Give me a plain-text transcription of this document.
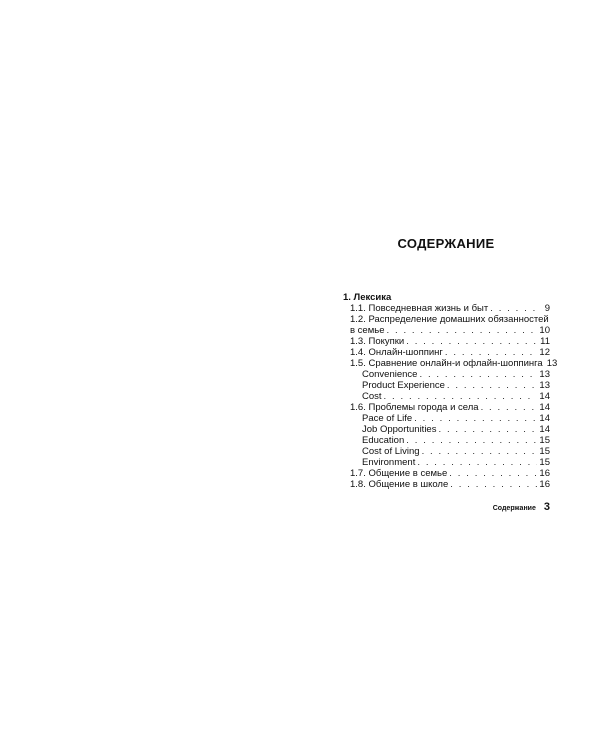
СОДЕРЖАНИЕ
1. Лексика
1.1. Повседневная жизнь и быт . . .	9
1.2. Распределение домашних обязанностей
в семье . . .	10
1.3. Покупки . . .	11
1.4. Онлайн-шоппинг . . .	12
1.5. Сравнение онлайн-и офлайн-шоппинга 13
Convenience . . .	13
Product Experience . . .	13
Cost . . .	14
1.6. Проблемы города и села . . .	14
Pace of Life . . .	14
Job Opportunities . . .	14
Education . . .	15
Cost of Living . . .	15
Environment . . .	15
1.7. Общение в семье . . .	16
1.8. Общение в школе . . .	16
Содержание 3
